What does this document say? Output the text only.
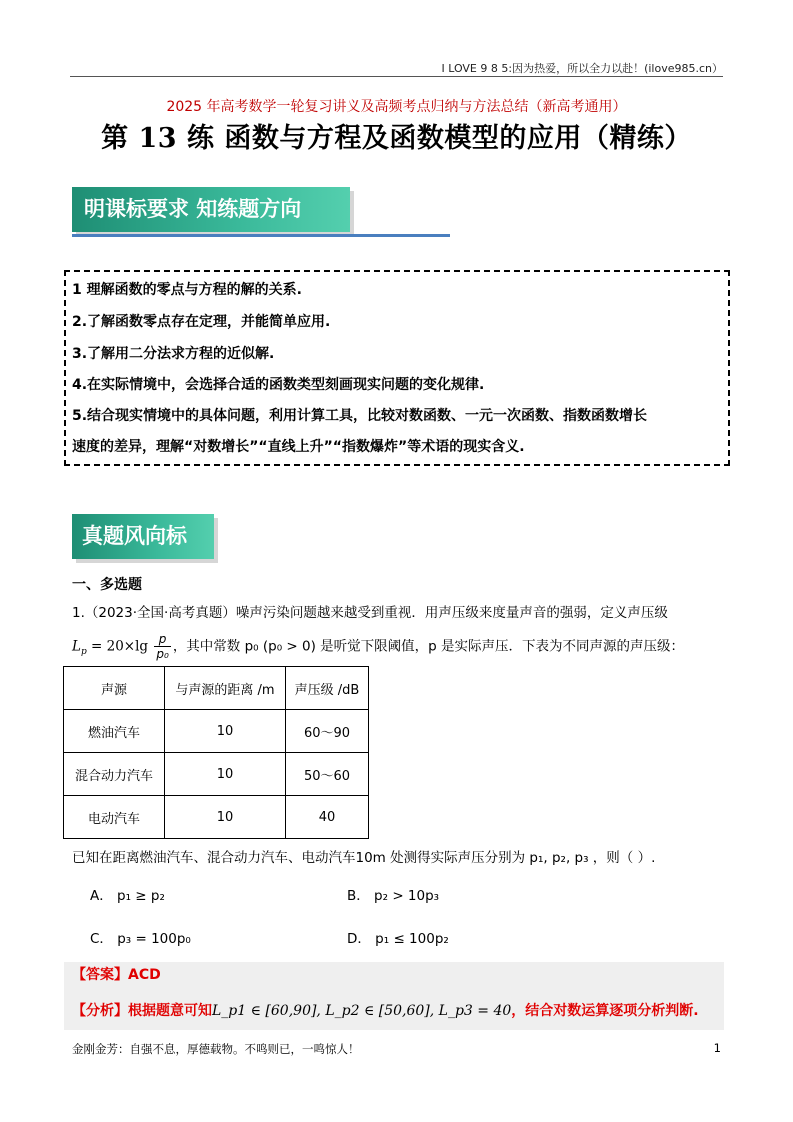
I LOVE 9 8 5:因为热爱，所以全力以赴！(ilove985.cn）
2025 年高考数学一轮复习讲义及高频考点归纳与方法总结（新高考通用）
第 13 练 函数与方程及函数模型的应用（精练）
明课标要求 知练题方向
1 理解函数的零点与方程的解的关系.
2.了解函数零点存在定理，并能简单应用.
3.了解用二分法求方程的近似解.
4.在实际情境中，会选择合适的函数类型刻画现实问题的变化规律.
5.结合现实情境中的具体问题，利用计算工具，比较对数函数、一元一次函数、指数函数增长
速度的差异，理解“对数增长”“直线上升”“指数爆炸”等术语的现实含义.
真题风向标
一、多选题
1.（2023·全国·高考真题）噪声污染问题越来越受到重视．用声压级来度量声音的强弱，定义声压级
$L_p = 20\times\lg \frac{p}{\text{p₀}}$ ，其中常数 p₀ (p₀ > 0) 是听觉下限阈值，p 是实际声压．下表为不同声源的声压级：
声源	与声源的距离 /m	声压级 /dB
燃油汽车	10	60～90
混合动力汽车	10	50～60
电动汽车	10	40
已知在距离燃油汽车、混合动力汽车、电动汽车10m 处测得实际声压分别为 p₁, p₂, p₃ ，则（ ）.
A． p₁ ≥ p₂	B． p₂ > 10p₃
C． p₃ = 100p₀	D． p₁ ≤ 100p₂
【答案】ACD
【分析】根据题意可知L_p1 ∈ [60,90], L_p2 ∈ [50,60], L_p3 = 40，结合对数运算逐项分析判断.
金刚金芳：自强不息，厚德载物。不鸣则已，一鸣惊人！	1
